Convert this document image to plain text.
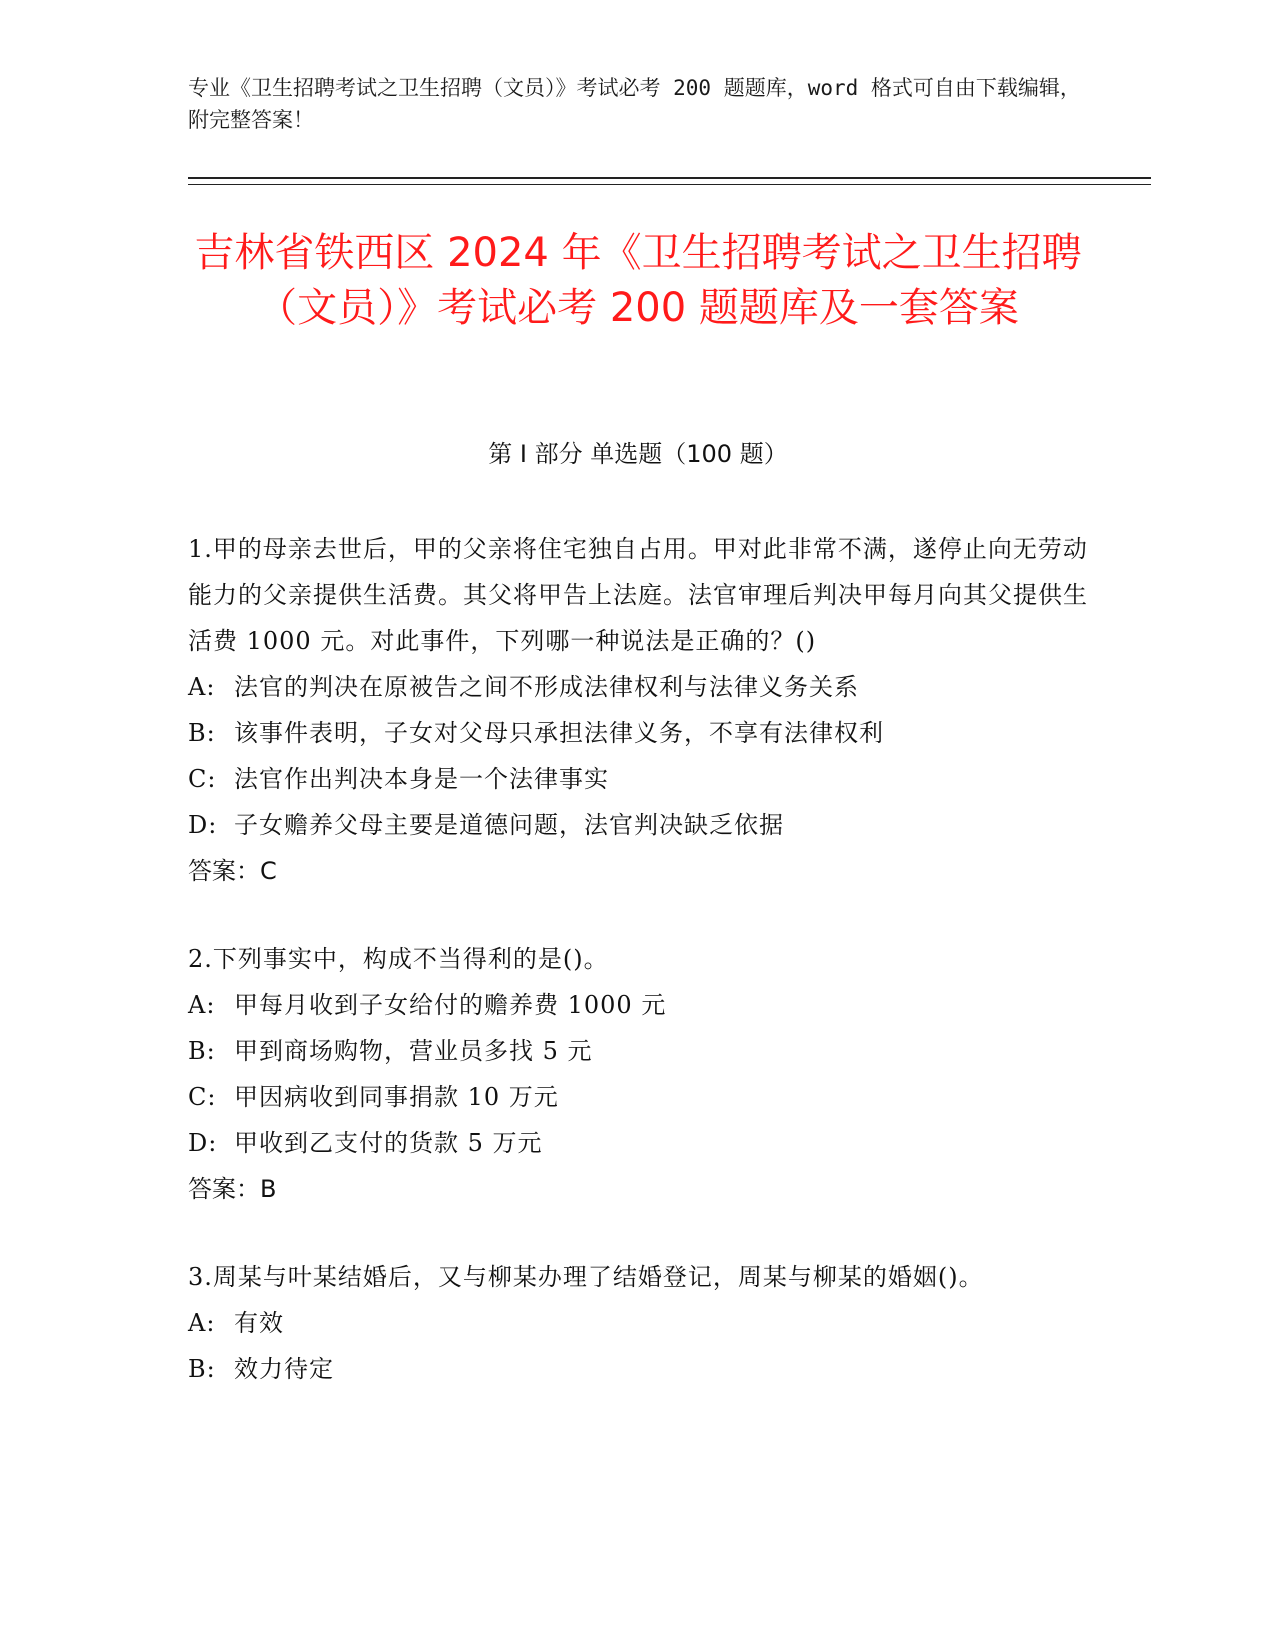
专业《卫生招聘考试之卫生招聘（文员）》考试必考 200 题题库，word 格式可自由下载编辑，附完整答案！
吉林省铁西区 2024 年《卫生招聘考试之卫生招聘（文员）》考试必考 200 题题库及一套答案
第 I 部分 单选题（100 题）
1.甲的母亲去世后，甲的父亲将住宅独自占用。甲对此非常不满，遂停止向无劳动能力的父亲提供生活费。其父将甲告上法庭。法官审理后判决甲每月向其父提供生活费 1000 元。对此事件，下列哪一种说法是正确的？()
A: 法官的判决在原被告之间不形成法律权利与法律义务关系
B: 该事件表明，子女对父母只承担法律义务，不享有法律权利
C: 法官作出判决本身是一个法律事实
D: 子女赡养父母主要是道德问题，法官判决缺乏依据
答案：C
2.下列事实中，构成不当得利的是()。
A: 甲每月收到子女给付的赡养费 1000 元
B: 甲到商场购物，营业员多找 5 元
C: 甲因病收到同事捐款 10 万元
D: 甲收到乙支付的货款 5 万元
答案：B
3.周某与叶某结婚后，又与柳某办理了结婚登记，周某与柳某的婚姻()。
A: 有效
B: 效力待定
